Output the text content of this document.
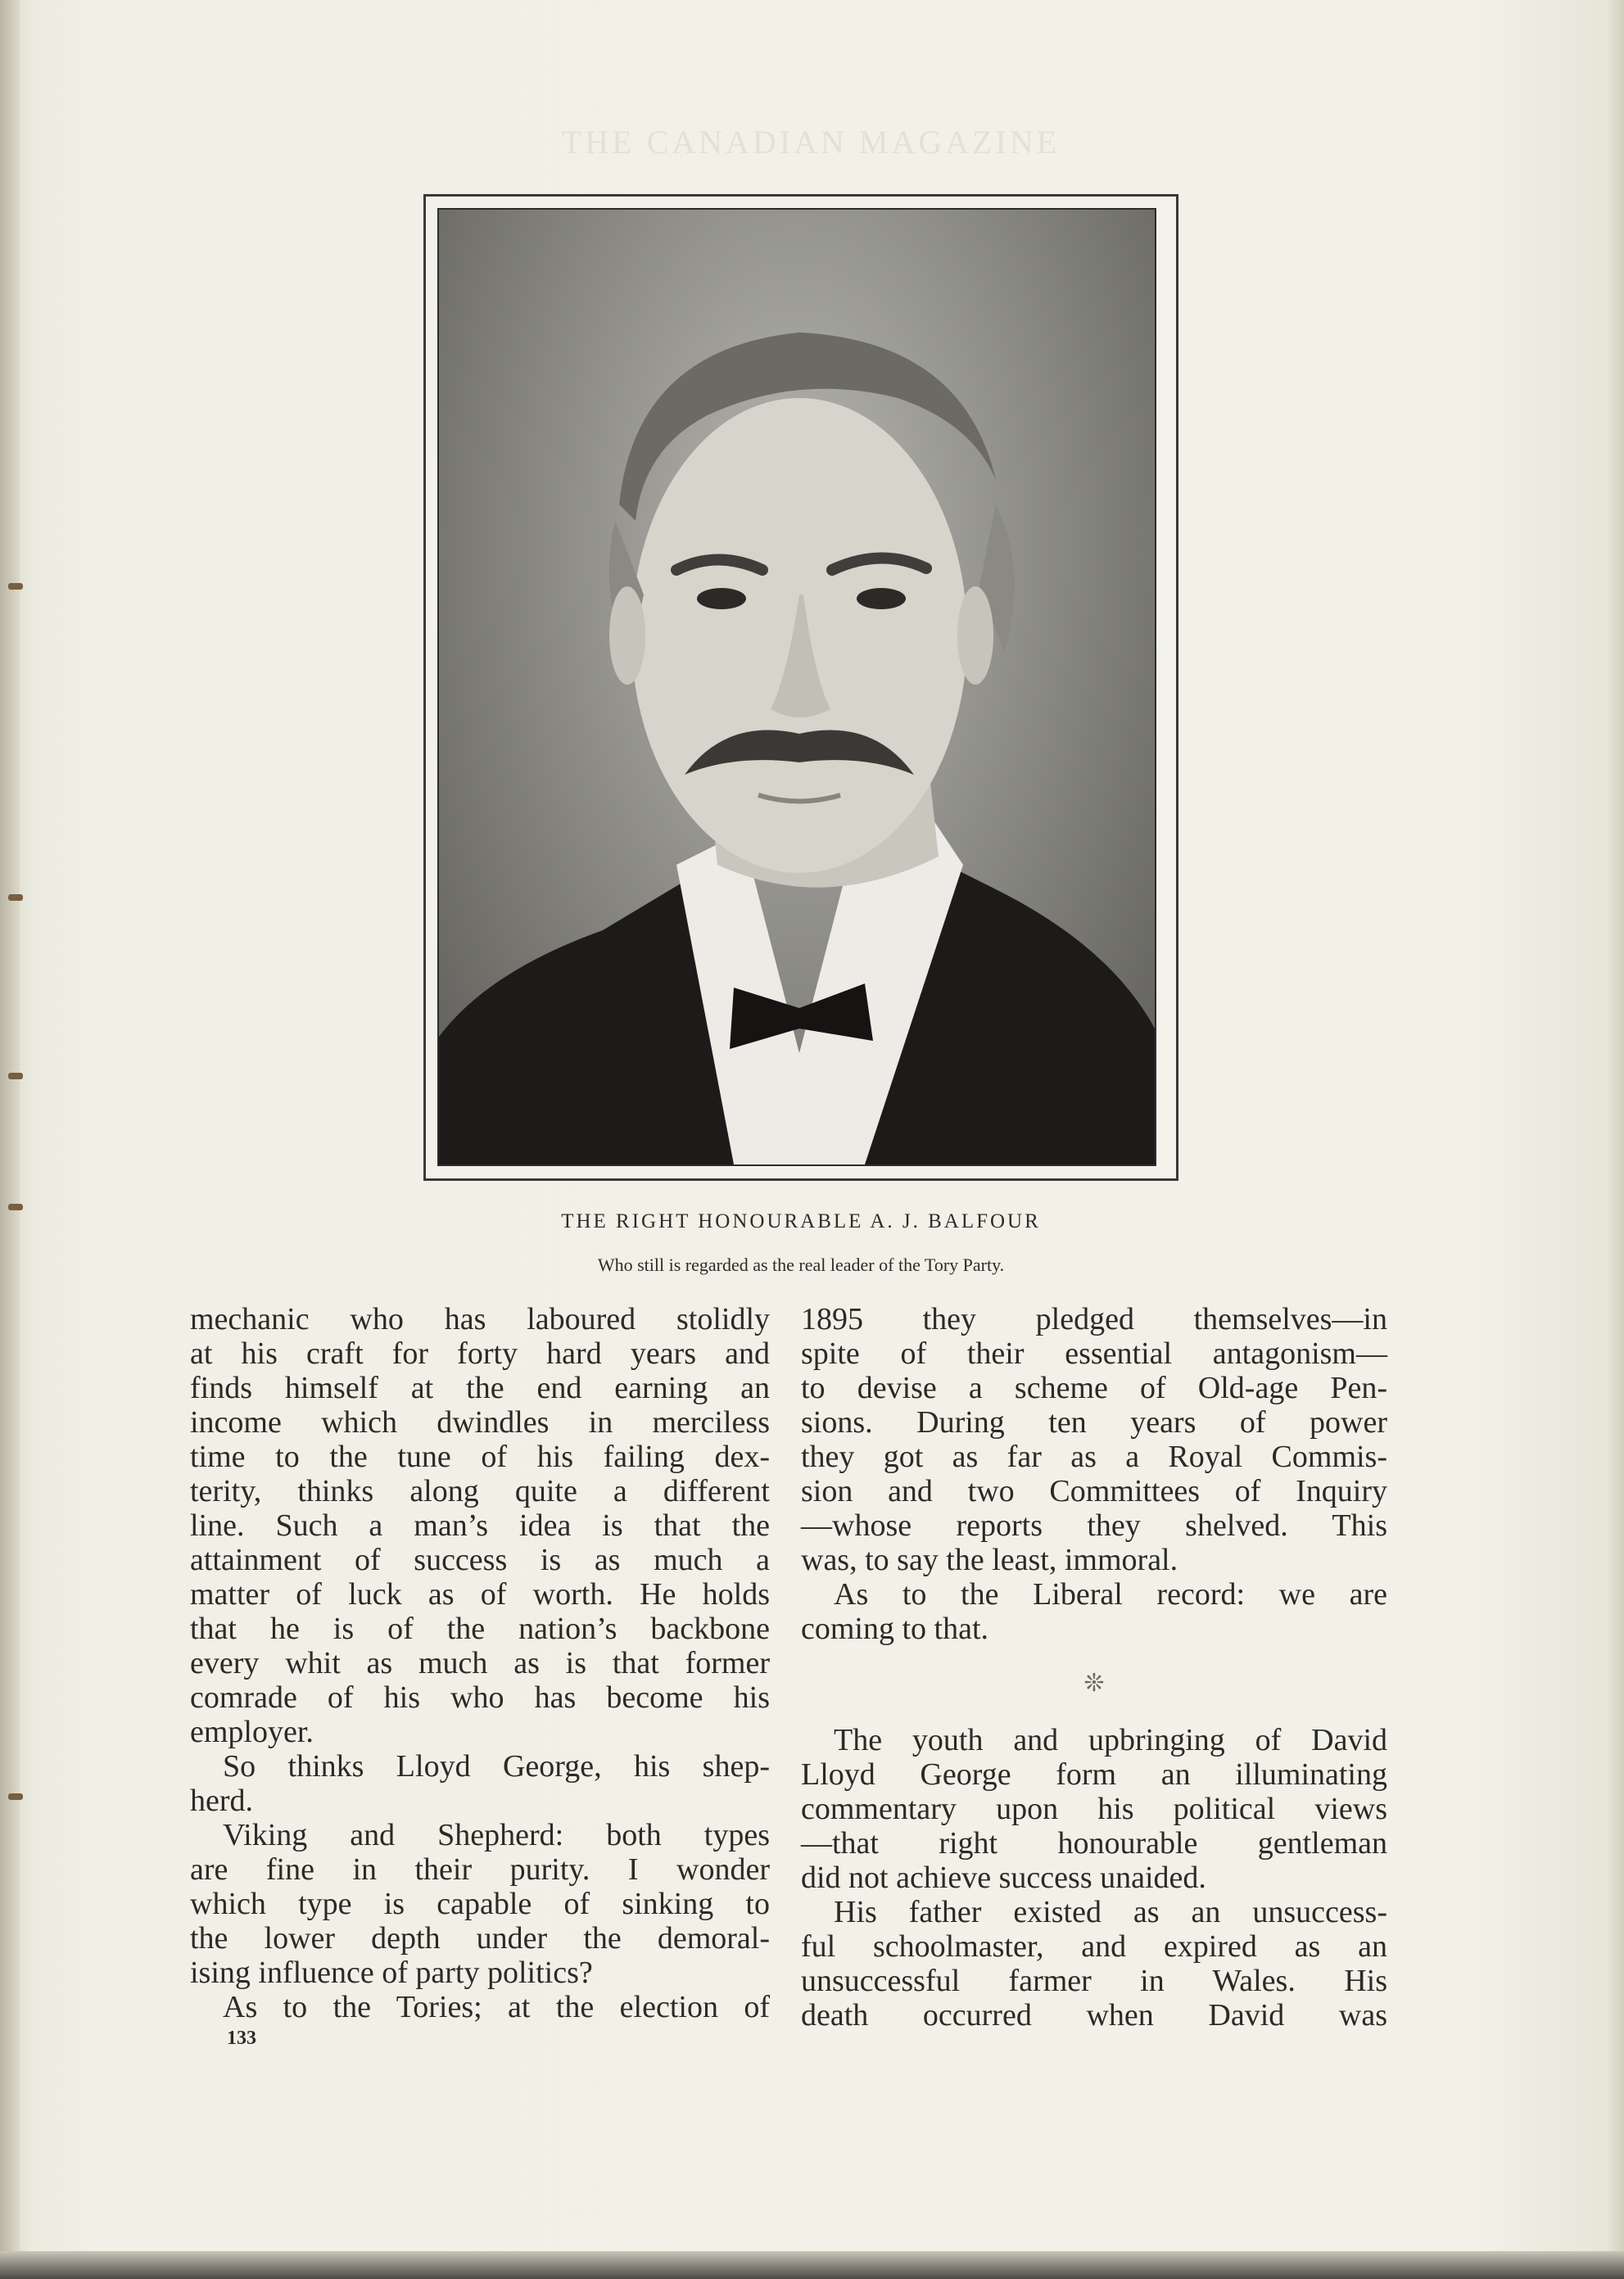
THE CANADIAN MAGAZINE
THE RIGHT HONOURABLE A. J. BALFOUR
Who still is regarded as the real leader of the Tory Party.

mechanic who has laboured stolidly
at his craft for forty hard years and
finds himself at the end earning an
income which dwindles in merciless
time to the tune of his failing dex-
terity, thinks along quite a different
line. Such a man’s idea is that the
attainment of success is as much a
matter of luck as of worth. He holds
that he is of the nation’s backbone
every whit as much as is that former
comrade of his who has become his
employer.

So thinks Lloyd George, his shep-
herd.

Viking and Shepherd: both types
are fine in their purity. I wonder
which type is capable of sinking to
the lower depth under the demoral-
ising influence of party politics?

As to the Tories; at the election of

1895 they pledged themselves—in
spite of their essential antagonism—
to devise a scheme of Old-age Pen-
sions. During ten years of power
they got as far as a Royal Commis-
sion and two Committees of Inquiry
—whose reports they shelved. This
was, to say the least, immoral.

As to the Liberal record: we are
coming to that.

❊

The youth and upbringing of David
Lloyd George form an illuminating
commentary upon his political views
—that right honourable gentleman
did not achieve success unaided.

His father existed as an unsuccess-
ful schoolmaster, and expired as an
unsuccessful farmer in Wales. His
death occurred when David was

133
